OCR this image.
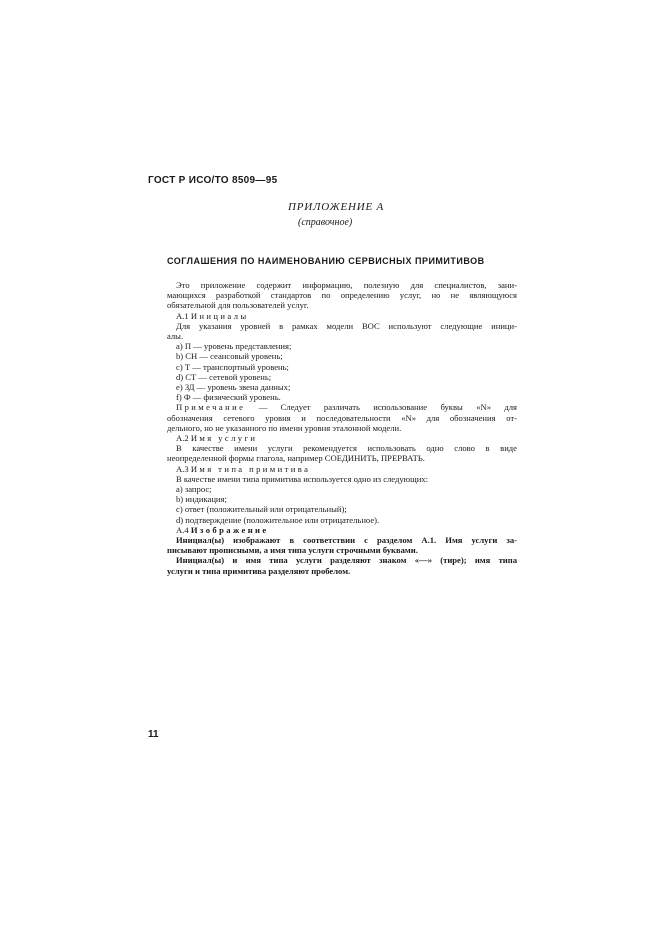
ГОСТ Р ИСО/ТО 8509—95
ПРИЛОЖЕНИЕ А
(справочное)
СОГЛАШЕНИЯ ПО НАИМЕНОВАНИЮ СЕРВИСНЫХ ПРИМИТИВОВ

Это приложение содержит информацию, полезную для специалистов, зани-

мающихся разработкой стандартов по определению услуг, но не являющуюся

обязательной для пользователей услуг.

А.1 Инициалы

Для указания уровней в рамках модели ВОС используют следующие иници-

алы.

a) П — уровень представления;

b) СН — сеансовый уровень;

c) Т — транспортный уровень;

d) СТ — сетевой уровень;

e) ЗД — уровень звена данных;

f) Ф — физический уровень.

Примечание — Следует различать использование буквы «N» для

обозначения сетевого уровня и последовательности «N» для обозначения от-

дельного, но не указанного по имени уровня эталонной модели.

А.2 Имя услуги

В качестве имени услуги рекомендуется использовать одно слово в виде

неопределенной формы глагола, например СОЕДИНИТЬ, ПРЕРВАТЬ.

А.3 Имя типа примитива

В качестве имени типа примитива используется одно из следующих:

a) запрос;

b) индикация;

c) ответ (положительный или отрицательный);

d) подтверждение (положительное или отрицательное).

А.4 Изображение

Инициал(ы) изображают в соответствии с разделом А.1. Имя услуги за-

писывают прописными, а имя типа услуги строчными буквами.

Инициал(ы) и имя типа услуги разделяют знаком «—» (тире); имя типа

услуги и типа примитива разделяют пробелом.

11
